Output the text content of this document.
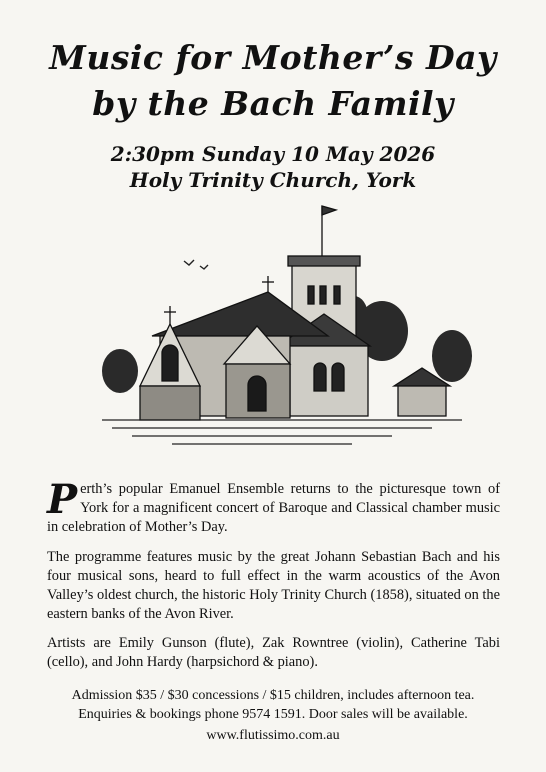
Music for Mother’s Day
by the Bach Family

2:30pm Sunday 10 May 2026

Holy Trinity Church, York

Perth’s popular Emanuel Ensemble returns to the picturesque town of York for a magnificent concert of Baroque and Classical chamber music in celebration of Mother’s Day.

The programme features music by the great Johann Sebastian Bach and his four musical sons, heard to full effect in the warm acoustics of the Avon Valley’s oldest church, the historic Holy Trinity Church (1858), situated on the eastern banks of the Avon River.

Artists are Emily Gunson (flute), Zak Rowntree (violin), Catherine Tabi (cello), and John Hardy (harpsichord & piano).

Admission $35 / $30 concessions / $15 children, includes afternoon tea.

Enquiries & bookings phone 9574 1591. Door sales will be available.

www.flutissimo.com.au
